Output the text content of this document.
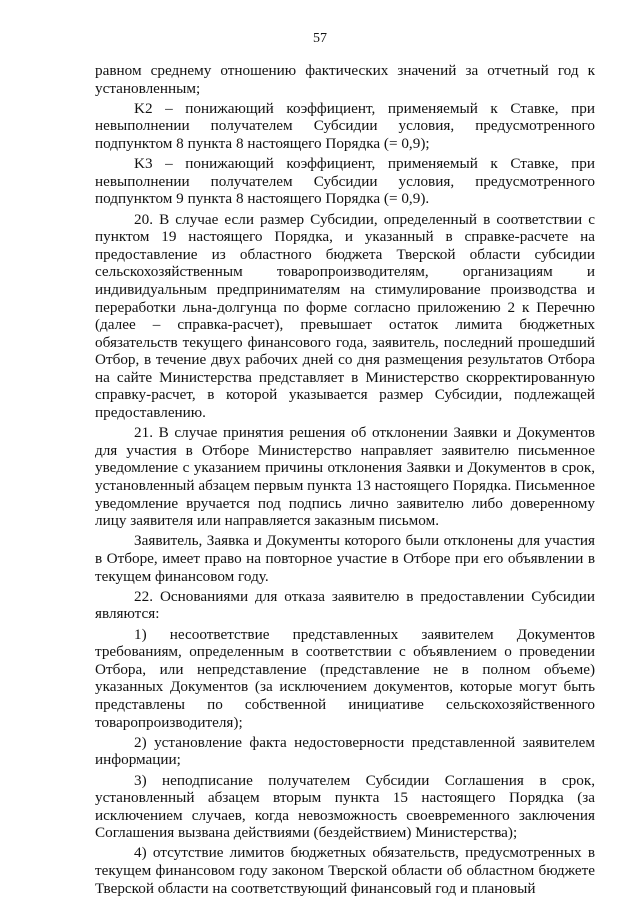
57

равном среднему отношению фактических значений за отчетный год к установленным;

K2 – понижающий коэффициент, применяемый к Ставке, при невыполнении получателем Субсидии условия, предусмотренного подпунктом 8 пункта 8 настоящего Порядка (= 0,9);

K3 – понижающий коэффициент, применяемый к Ставке, при невыполнении получателем Субсидии условия, предусмотренного подпунктом 9 пункта 8 настоящего Порядка (= 0,9).

20. В случае если размер Субсидии, определенный в соответствии с пунктом 19 настоящего Порядка, и указанный в справке-расчете на предоставление из областного бюджета Тверской области субсидии сельскохозяйственным товаропроизводителям, организациям и индивидуальным предпринимателям на стимулирование производства и переработки льна-долгунца по форме согласно приложению 2 к Перечню (далее – справка-расчет), превышает остаток лимита бюджетных обязательств текущего финансового года, заявитель, последний прошедший Отбор, в течение двух рабочих дней со дня размещения результатов Отбора на сайте Министерства представляет в Министерство скорректированную справку-расчет, в которой указывается размер Субсидии, подлежащей предоставлению.

21. В случае принятия решения об отклонении Заявки и Документов для участия в Отборе Министерство направляет заявителю письменное уведомление с указанием причины отклонения Заявки и Документов в срок, установленный абзацем первым пункта 13 настоящего Порядка. Письменное уведомление вручается под подпись лично заявителю либо доверенному лицу заявителя или направляется заказным письмом.

Заявитель, Заявка и Документы которого были отклонены для участия в Отборе, имеет право на повторное участие в Отборе при его объявлении в текущем финансовом году.

22. Основаниями для отказа заявителю в предоставлении Субсидии являются:

1) несоответствие представленных заявителем Документов требованиям, определенным в соответствии с объявлением о проведении Отбора, или непредставление (представление не в полном объеме) указанных Документов (за исключением документов, которые могут быть представлены по собственной инициативе сельскохозяйственного товаропроизводителя);

2) установление факта недостоверности представленной заявителем информации;

3) неподписание получателем Субсидии Соглашения в срок, установленный абзацем вторым пункта 15 настоящего Порядка (за исключением случаев, когда невозможность своевременного заключения Соглашения вызвана действиями (бездействием) Министерства);

4) отсутствие лимитов бюджетных обязательств, предусмотренных в текущем финансовом году законом Тверской области об областном бюджете Тверской области на соответствующий финансовый год и плановый
